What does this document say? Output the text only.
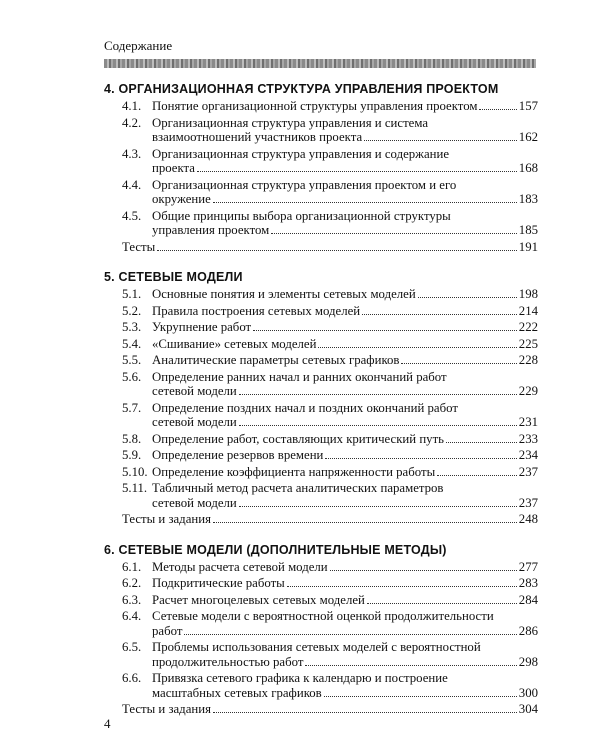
Содержание
4. ОРГАНИЗАЦИОННАЯ СТРУКТУРА УПРАВЛЕНИЯ ПРОЕКТОМ
4.1. Понятие организационной структуры управления проектом	157
4.2. Организационная структура управления и система
взаимоотношений участников проекта	162
4.3. Организационная структура управления и содержание
проекта	168
4.4. Организационная структура управления проектом и его
окружение	183
4.5. Общие принципы выбора организационной структуры
управления проектом	185
Тесты	191
5. СЕТЕВЫЕ МОДЕЛИ
5.1. Основные понятия и элементы сетевых моделей	198
5.2. Правила построения сетевых моделей	214
5.3. Укрупнение работ	222
5.4. «Сшивание» сетевых моделей	225
5.5. Аналитические параметры сетевых графиков	228
5.6. Определение ранних начал и ранних окончаний работ
сетевой модели	229
5.7. Определение поздних начал и поздних окончаний работ
сетевой модели	231
5.8. Определение работ, составляющих критический путь	233
5.9. Определение резервов времени	234
5.10. Определение коэффициента напряженности работы	237
5.11. Табличный метод расчета аналитических параметров
сетевой модели	237
Тесты и задания	248
6. СЕТЕВЫЕ МОДЕЛИ (ДОПОЛНИТЕЛЬНЫЕ МЕТОДЫ)
6.1. Методы расчета сетевой модели	277
6.2. Подкритические работы	283
6.3. Расчет многоцелевых сетевых моделей	284
6.4. Сетевые модели с вероятностной оценкой продолжительности
работ	286
6.5. Проблемы использования сетевых моделей с вероятностной
продолжительностью работ	298
6.6. Привязка сетевого графика к календарю и построение
масштабных сетевых графиков	300
Тесты и задания	304
4
